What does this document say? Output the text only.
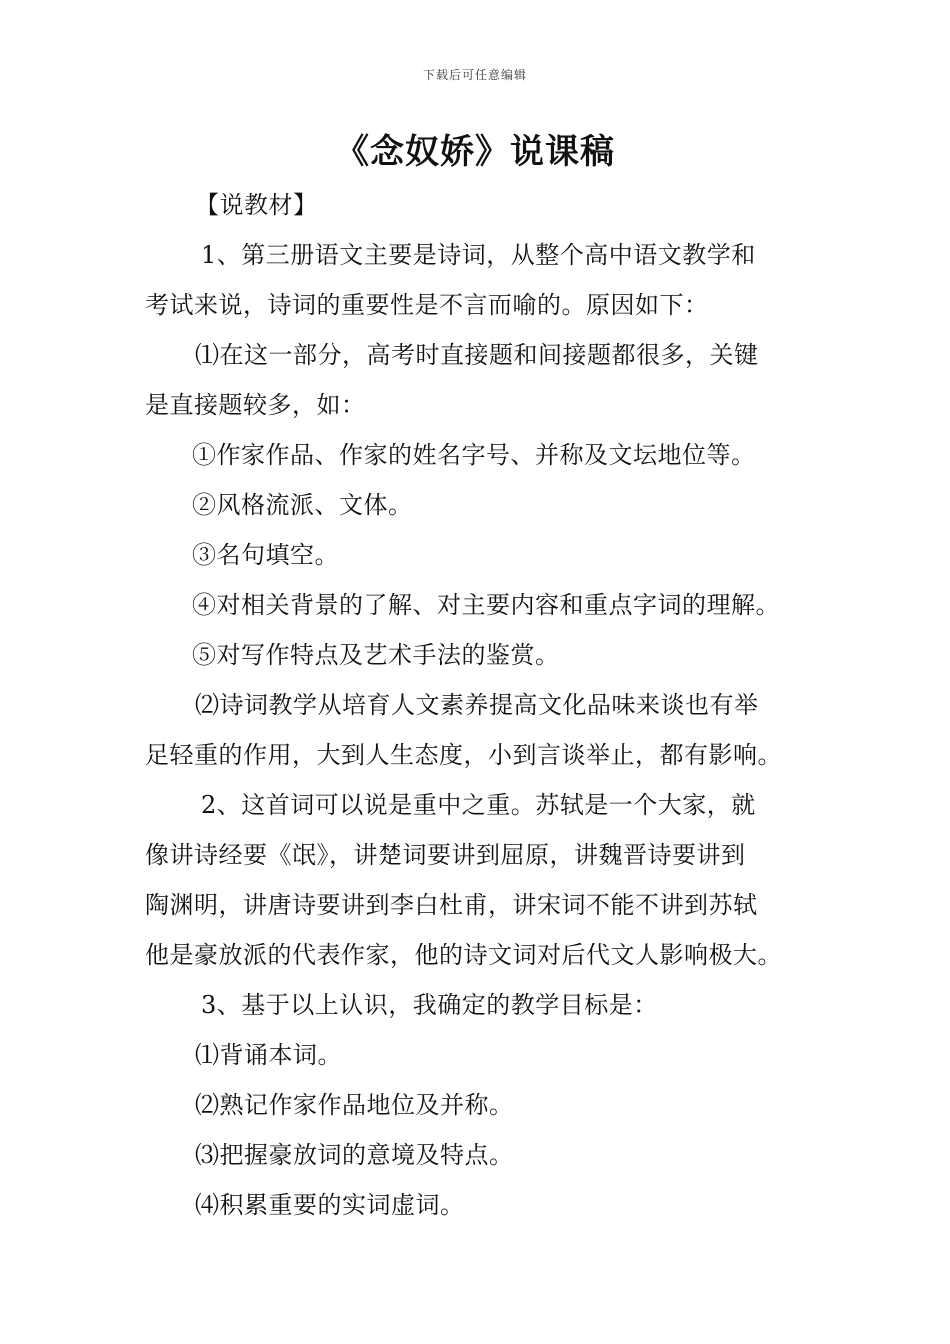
下载后可任意编辑
《念奴娇》说课稿
【说教材】
1、第三册语文主要是诗词，从整个高中语文教学和
考试来说，诗词的重要性是不言而喻的。原因如下：
⑴在这一部分，高考时直接题和间接题都很多，关键
是直接题较多，如：
①作家作品、作家的姓名字号、并称及文坛地位等。
②风格流派、文体。
③名句填空。
④对相关背景的了解、对主要内容和重点字词的理解。
⑤对写作特点及艺术手法的鉴赏。
⑵诗词教学从培育人文素养提高文化品味来谈也有举
足轻重的作用，大到人生态度，小到言谈举止，都有影响。
2、这首词可以说是重中之重。苏轼是一个大家，就
像讲诗经要《氓》，讲楚词要讲到屈原，讲魏晋诗要讲到
陶渊明，讲唐诗要讲到李白杜甫，讲宋词不能不讲到苏轼
他是豪放派的代表作家，他的诗文词对后代文人影响极大。
3、基于以上认识，我确定的教学目标是：
⑴背诵本词。
⑵熟记作家作品地位及并称。
⑶把握豪放词的意境及特点。
⑷积累重要的实词虚词。
